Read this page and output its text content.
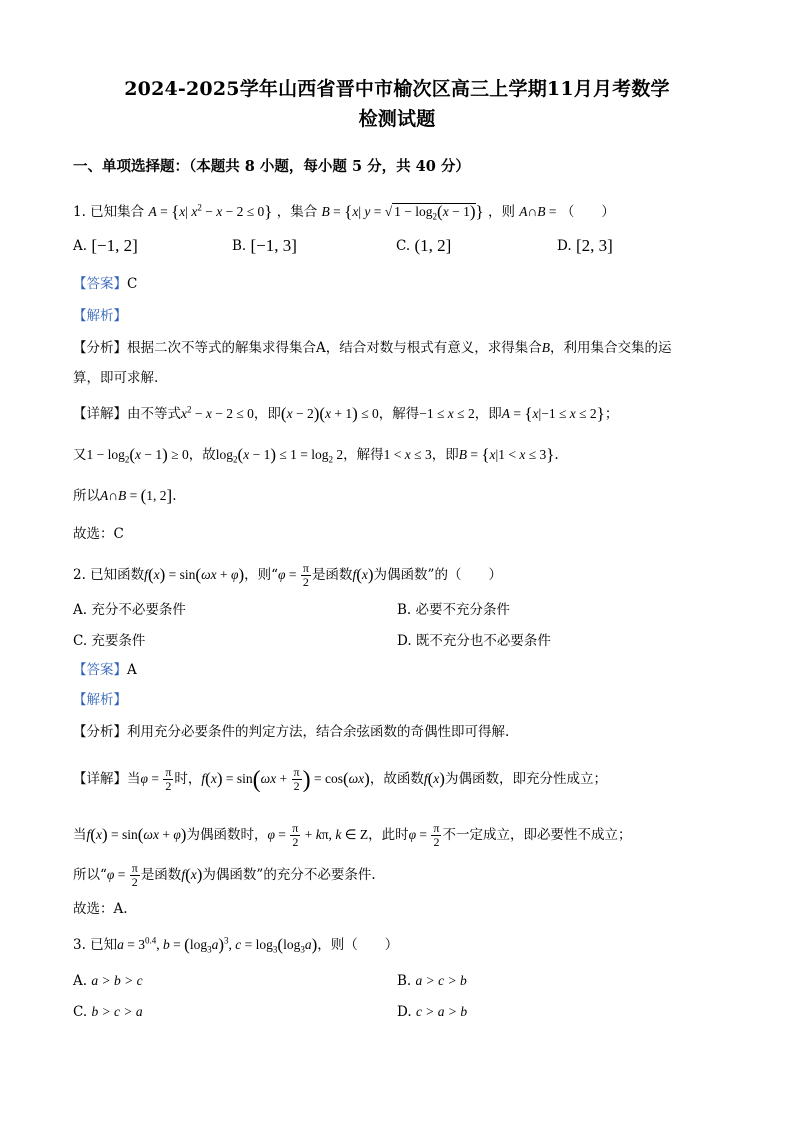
2024-2025学年山西省晋中市榆次区高三上学期11月月考数学
检测试题
一、单项选择题：（本题共 8 小题，每小题 5 分，共 40 分）
1. 已知集合 A = {x| $x^2 - x - 2 \le 0$} ，集合 B = {x| y = √ $1 - \log_2(x - 1)$} ，则 A∩B = （　　）
A. [−1, 2]	B. [−1, 3]	C. (1, 2]	D. [2, 3]
【答案】C
【解析】
【分析】根据二次不等式的解集求得集合A，结合对数与根式有意义，求得集合B，利用集合交集的运
算，即可求解.
【详解】由不等式$x^2 - x - 2 \le 0$，即(x − 2)(x + 1) ≤ 0，解得−1 ≤ x ≤ 2，即A = {x|−1 ≤ x ≤ 2}；
又$1 - \log_2(x - 1) \ge 0$，故$\log_2(x - 1) \le 1 = \log_2 2$，解得1 < x ≤ 3，即B = {x|1 < x ≤ 3}.
所以A∩B = (1, 2].
故选：C
2. 已知函数f(x) = sin(ωx + φ)，则“$\varphi = \frac{\pi}{2}$ 是函数f(x)为偶函数”的（　　）
A. 充分不必要条件	B. 必要不充分条件
C. 充要条件	D. 既不充分也不必要条件
【答案】A
【解析】
【分析】利用充分必要条件的判定方法，结合余弦函数的奇偶性即可得解.
【详解】当$\varphi = \frac{\pi}{2}$ 时，$f(x) = \sin(\omega x + \frac{\pi}{2}$ ) = cos(ωx)，故函数f(x)为偶函数，即充分性成立；
当f(x) = sin(ωx + φ)为偶函数时，$\varphi = \frac{\pi}{2} + k\pi$, k ∈ Z，此时$\varphi = \frac{\pi}{2}$ 不一定成立，即必要性不成立；
所以“$\varphi = \frac{\pi}{2}$ 是函数f(x)为偶函数”的充分不必要条件.
故选：A.
3. 已知$a = 3^{0.4}$, $b = (\log_3a)^3$, $c = \log_3(\log_3a)$，则（　　）
A. a > b > c	B. a > c > b
C. b > c > a	D. c > a > b
